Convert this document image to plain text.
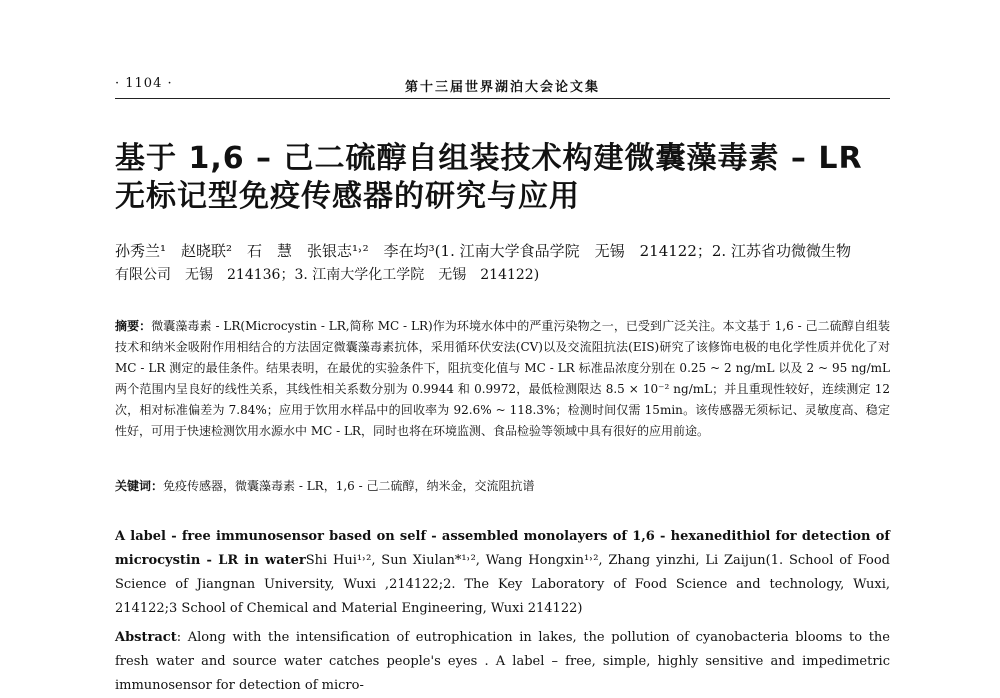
· 1104 ·	第十三届世界湖泊大会论文集
基于 1,6 – 己二硫醇自组装技术构建微囊藻毒素 – LR
无标记型免疫传感器的研究与应用
孙秀兰¹　赵晓联²　石　慧　张银志¹˒²　李在均³(1. 江南大学食品学院　无锡　214122；2. 江苏省功微微生物
有限公司　无锡　214136；3. 江南大学化工学院　无锡　214122)
摘要：微囊藻毒素 - LR(Microcystin - LR,简称 MC - LR)作为环境水体中的严重污染物之一，已受到广泛关注。本文基于 1,6 - 己二硫醇自组装技术和纳米金吸附作用相结合的方法固定微囊藻毒素抗体，采用循环伏安法(CV)以及交流阻抗法(EIS)研究了该修饰电极的电化学性质并优化了对 MC - LR 测定的最佳条件。结果表明，在最优的实验条件下，阻抗变化值与 MC - LR 标准品浓度分别在 0.25 ~ 2 ng/mL 以及 2 ~ 95 ng/mL 两个范围内呈良好的线性关系，其线性相关系数分别为 0.9944 和 0.9972，最低检测限达 8.5 × 10⁻² ng/mL；并且重现性较好，连续测定 12 次，相对标准偏差为 7.84%；应用于饮用水样品中的回收率为 92.6% ~ 118.3%；检测时间仅需 15min。该传感器无须标记、灵敏度高、稳定性好，可用于快速检测饮用水源水中 MC - LR，同时也将在环境监测、食品检验等领域中具有很好的应用前途。
关键词：免疫传感器，微囊藻毒素 - LR，1,6 - 己二硫醇，纳米金，交流阻抗谱
A label - free immunosensor based on self - assembled monolayers of 1,6 - hexanedithiol for detection of microcystin - LR in waterShi Hui¹˒², Sun Xiulan*¹˒², Wang Hongxin¹˒², Zhang yinzhi, Li Zaijun(1. School of Food Science of Jiangnan University, Wuxi ,214122;2. The Key Laboratory of Food Science and technology, Wuxi, 214122;3 School of Chemical and Material Engineering, Wuxi 214122)
Abstract: Along with the intensification of eutrophication in lakes, the pollution of cyanobacteria blooms to the fresh water and source water catches people's eyes . A label – free, simple, highly sensitive and impedimetric immunosensor for detection of micro-
